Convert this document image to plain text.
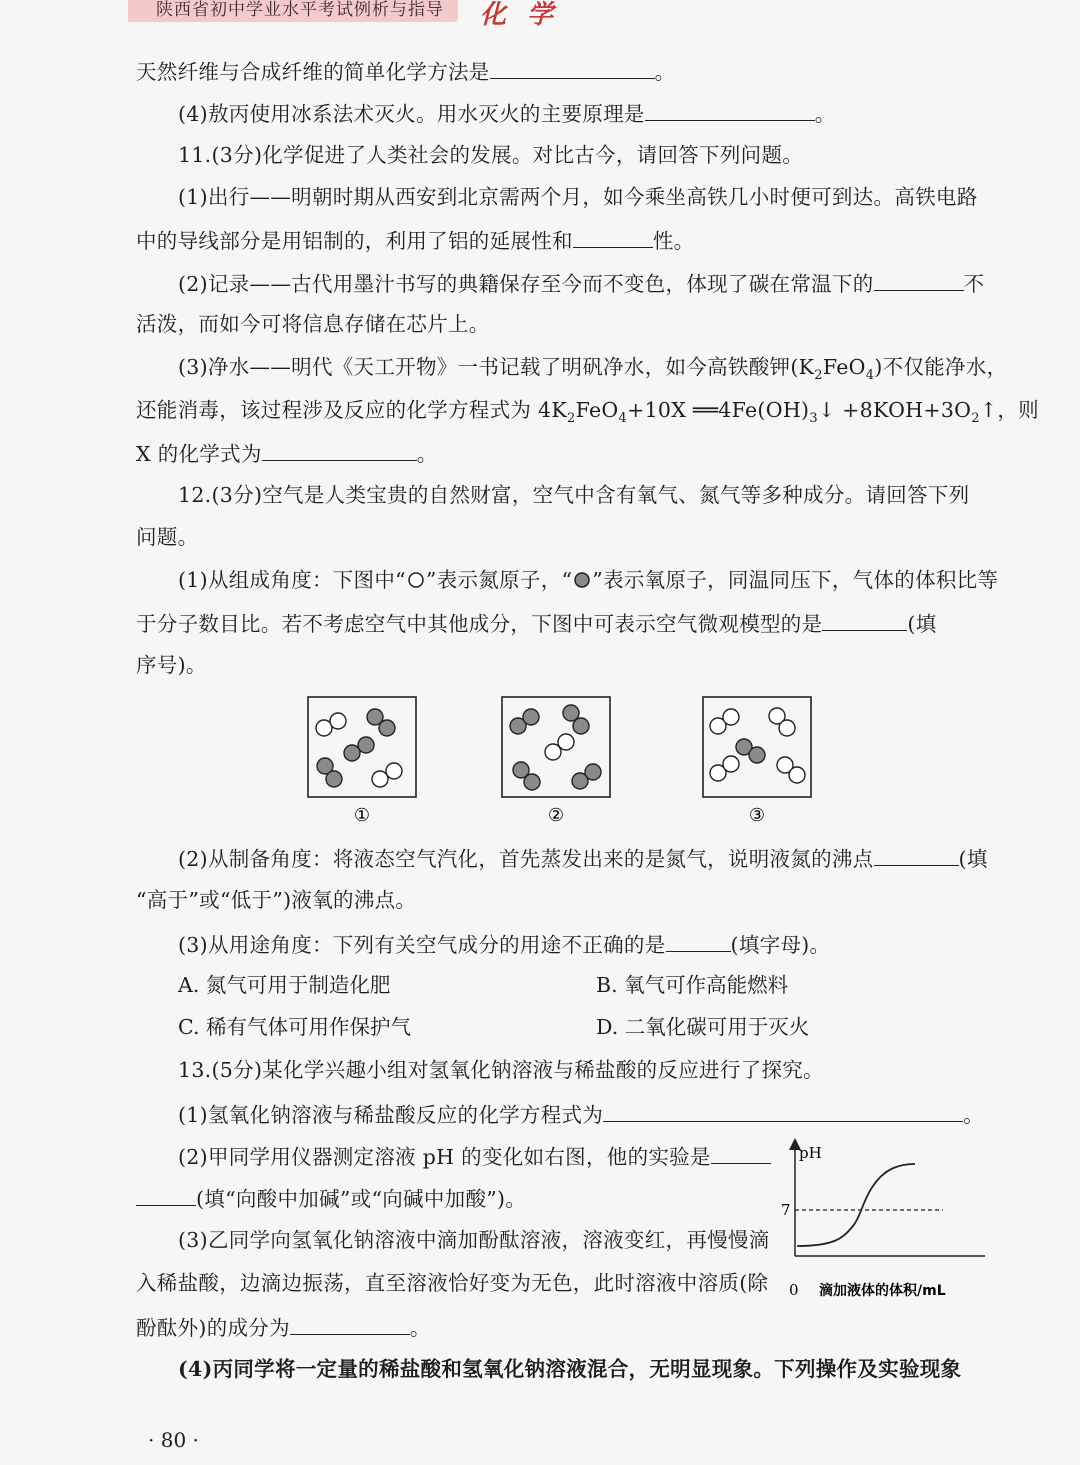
陕西省初中学业水平考试例析与指导	化 学
天然纤维与合成纤维的简单化学方法是	。
(4)敖丙使用冰系法术灭火。用水灭火的主要原理是	。
11.(3分)化学促进了人类社会的发展。对比古今，请回答下列问题。
(1)出行——明朝时期从西安到北京需两个月，如今乘坐高铁几小时便可到达。高铁电路
中的导线部分是用铝制的，利用了铝的延展性和	性。
(2)记录——古代用墨汁书写的典籍保存至今而不变色，体现了碳在常温下的	不
活泼，而如今可将信息存储在芯片上。
(3)净水——明代《天工开物》一书记载了明矾净水，如今高铁酸钾$(K_2FeO_4)$不仅能净水，
还能消毒，该过程涉及反应的化学方程式为 $4K_2FeO_4+10X$ $══4Fe(OH)_3↓$ $+8KOH+3O_2↑$，则
X 的化学式为	。
12.(3分)空气是人类宝贵的自然财富，空气中含有氧气、氮气等多种成分。请回答下列
问题。
(1)从组成角度：下图中“ ”表示氮原子，“ ”表示氧原子，同温同压下，气体的体积比等
于分子数目比。若不考虑空气中其他成分，下图中可表示空气微观模型的是	(填
序号)。
①	②	③
(2)从制备角度：将液态空气汽化，首先蒸发出来的是氮气，说明液氮的沸点	(填
“高于”或“低于”)液氧的沸点。
(3)从用途角度：下列有关空气成分的用途不正确的是	(填字母)。
A. 氮气可用于制造化肥	B. 氧气可作高能燃料
C. 稀有气体可用作保护气	D. 二氧化碳可用于灭火
13.(5分)某化学兴趣小组对氢氧化钠溶液与稀盐酸的反应进行了探究。
(1)氢氧化钠溶液与稀盐酸反应的化学方程式为	。
(2)甲同学用仪器测定溶液 pH 的变化如右图，他的实验是
(填“向酸中加碱”或“向碱中加酸”)。
(3)乙同学向氢氧化钠溶液中滴加酚酞溶液，溶液变红，再慢慢滴
入稀盐酸，边滴边振荡，直至溶液恰好变为无色，此时溶液中溶质(除
酚酞外)的成分为	。
(4)丙同学将一定量的稀盐酸和氢氧化钠溶液混合，无明显现象。下列操作及实验现象
pH
7
0 滴加液体的体积/mL
· 80 ·
